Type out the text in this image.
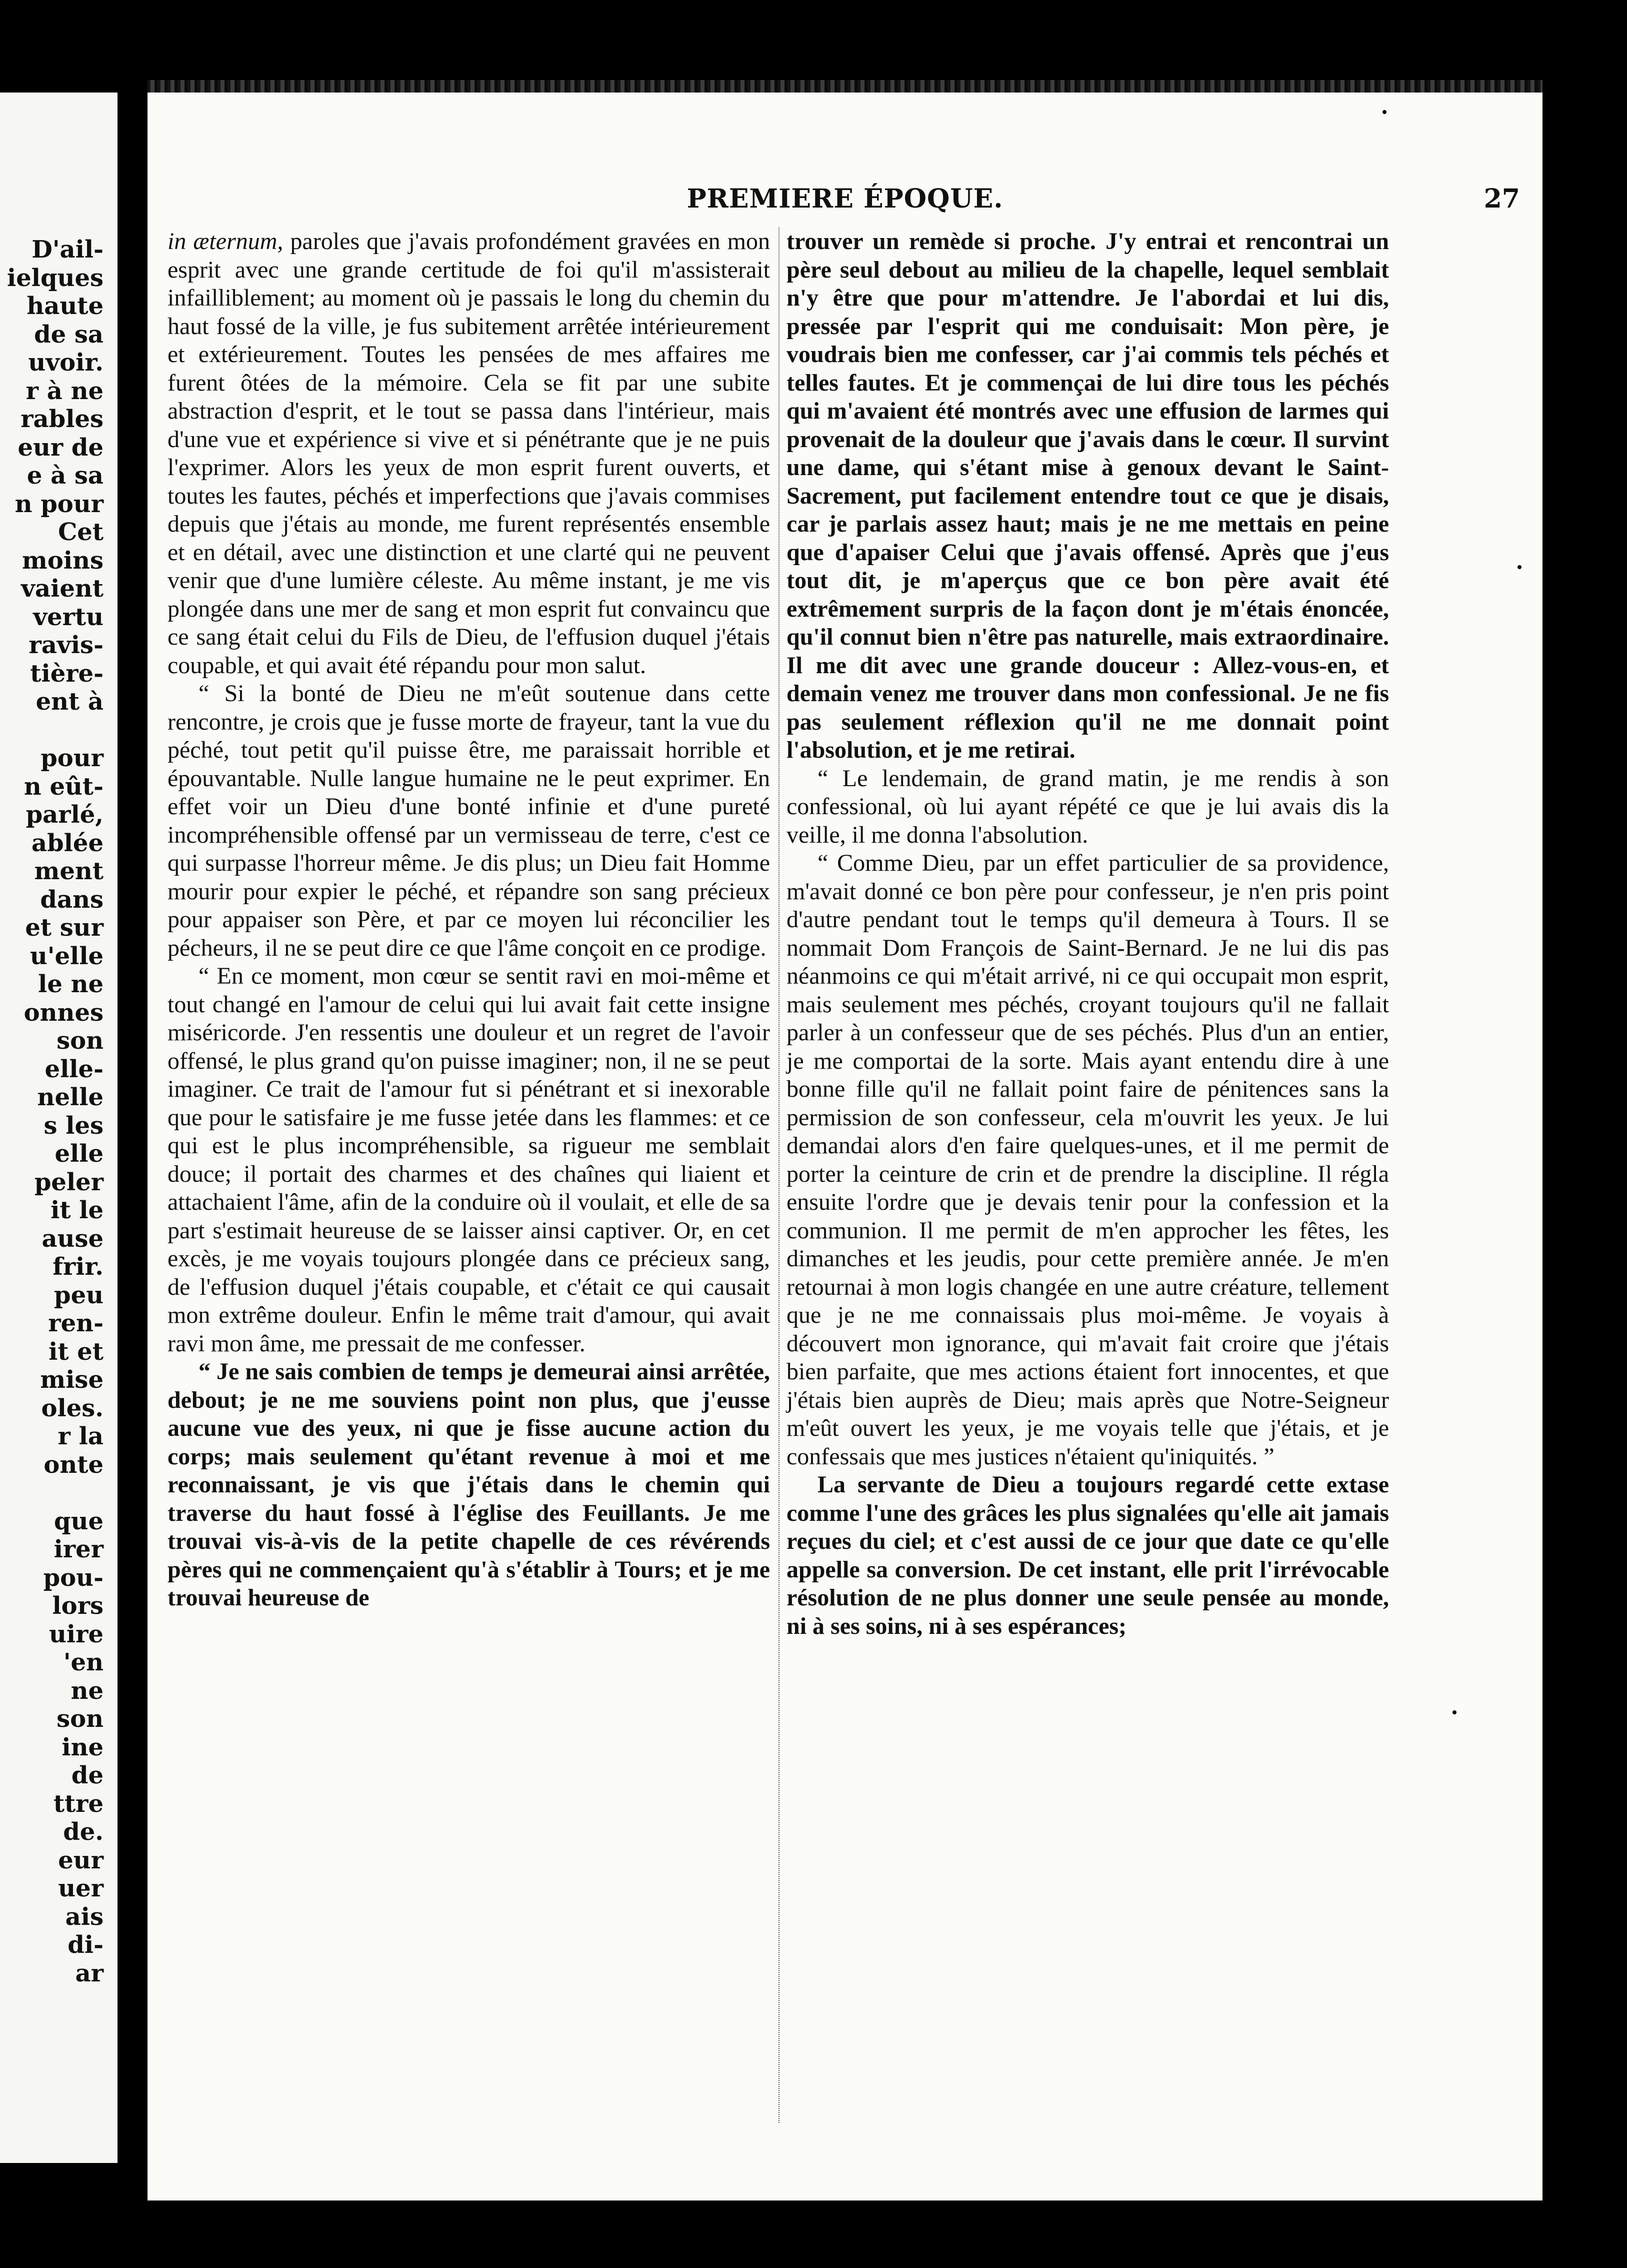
D'ail-
ielques
haute
de sa
uvoir.
r à ne
rables
eur de
e à sa
n pour
Cet
moins
vaient
vertu
ravis-
tière-
ent à
pour
n eût-
parlé,
ablée
ment
dans
et sur
u'elle
le ne
onnes
son
elle-
nelle
s les
elle
peler
it le
ause
frir.
peu
ren-
it et
mise
oles.
r la
onte
que
irer
pou-
lors
uire
'en
ne
son
ine
de
ttre
de.
eur
uer
ais
di-
ar
PREMIERE ÉPOQUE.	27

in æternum, paroles que j'avais profondément gravées en mon esprit avec une grande certitude de foi qu'il m'assisterait infailliblement; au moment où je passais le long du chemin du haut fossé de la ville, je fus subitement arrêtée intérieurement et extérieurement. Toutes les pensées de mes affaires me furent ôtées de la mémoire. Cela se fit par une subite abstraction d'esprit, et le tout se passa dans l'intérieur, mais d'une vue et expérience si vive et si pénétrante que je ne puis l'exprimer. Alors les yeux de mon esprit furent ouverts, et toutes les fautes, péchés et imperfections que j'avais commises depuis que j'étais au monde, me furent représentés ensemble et en détail, avec une distinction et une clarté qui ne peuvent venir que d'une lumière céleste. Au même instant, je me vis plongée dans une mer de sang et mon esprit fut convaincu que ce sang était celui du Fils de Dieu, de l'effusion duquel j'étais coupable, et qui avait été répandu pour mon salut.

“ Si la bonté de Dieu ne m'eût soutenue dans cette rencontre, je crois que je fusse morte de frayeur, tant la vue du péché, tout petit qu'il puisse être, me paraissait horrible et épouvantable. Nulle langue humaine ne le peut exprimer. En effet voir un Dieu d'une bonté infinie et d'une pureté incompréhensible offensé par un vermisseau de terre, c'est ce qui surpasse l'horreur même. Je dis plus; un Dieu fait Homme mourir pour expier le péché, et répandre son sang précieux pour appaiser son Père, et par ce moyen lui réconcilier les pécheurs, il ne se peut dire ce que l'âme conçoit en ce prodige.

“ En ce moment, mon cœur se sentit ravi en moi-même et tout changé en l'amour de celui qui lui avait fait cette insigne miséricorde. J'en ressentis une douleur et un regret de l'avoir offensé, le plus grand qu'on puisse imaginer; non, il ne se peut imaginer. Ce trait de l'amour fut si pénétrant et si inexorable que pour le satisfaire je me fusse jetée dans les flammes: et ce qui est le plus incompréhensible, sa rigueur me semblait douce; il portait des charmes et des chaînes qui liaient et attachaient l'âme, afin de la conduire où il voulait, et elle de sa part s'estimait heureuse de se laisser ainsi captiver. Or, en cet excès, je me voyais toujours plongée dans ce précieux sang, de l'effusion duquel j'étais coupable, et c'était ce qui causait mon extrême douleur. Enfin le même trait d'amour, qui avait ravi mon âme, me pressait de me confesser.

“ Je ne sais combien de temps je demeurai ainsi arrêtée, debout; je ne me souviens point non plus, que j'eusse aucune vue des yeux, ni que je fisse aucune action du corps; mais seulement qu'étant revenue à moi et me reconnaissant, je vis que j'étais dans le chemin qui traverse du haut fossé à l'église des Feuillants. Je me trouvai vis-à-vis de la petite chapelle de ces révérends pères qui ne commençaient qu'à s'établir à Tours; et je me trouvai heureuse de

trouver un remède si proche. J'y entrai et rencontrai un père seul debout au milieu de la chapelle, lequel semblait n'y être que pour m'attendre. Je l'abordai et lui dis, pressée par l'esprit qui me conduisait: Mon père, je voudrais bien me confesser, car j'ai commis tels péchés et telles fautes. Et je commençai de lui dire tous les péchés qui m'avaient été montrés avec une effusion de larmes qui provenait de la douleur que j'avais dans le cœur. Il survint une dame, qui s'étant mise à genoux devant le Saint-Sacrement, put facilement entendre tout ce que je disais, car je parlais assez haut; mais je ne me mettais en peine que d'apaiser Celui que j'avais offensé. Après que j'eus tout dit, je m'aperçus que ce bon père avait été extrêmement surpris de la façon dont je m'étais énoncée, qu'il connut bien n'être pas naturelle, mais extraordinaire. Il me dit avec une grande douceur : Allez-vous-en, et demain venez me trouver dans mon confessional. Je ne fis pas seulement réflexion qu'il ne me donnait point l'absolution, et je me retirai.

“ Le lendemain, de grand matin, je me rendis à son confessional, où lui ayant répété ce que je lui avais dis la veille, il me donna l'absolution.

“ Comme Dieu, par un effet particulier de sa providence, m'avait donné ce bon père pour confesseur, je n'en pris point d'autre pendant tout le temps qu'il demeura à Tours. Il se nommait Dom François de Saint-Bernard. Je ne lui dis pas néanmoins ce qui m'était arrivé, ni ce qui occupait mon esprit, mais seulement mes péchés, croyant toujours qu'il ne fallait parler à un confesseur que de ses péchés. Plus d'un an entier, je me comportai de la sorte. Mais ayant entendu dire à une bonne fille qu'il ne fallait point faire de pénitences sans la permission de son confesseur, cela m'ouvrit les yeux. Je lui demandai alors d'en faire quelques-unes, et il me permit de porter la ceinture de crin et de prendre la discipline. Il régla ensuite l'ordre que je devais tenir pour la confession et la communion. Il me permit de m'en approcher les fêtes, les dimanches et les jeudis, pour cette première année. Je m'en retournai à mon logis changée en une autre créature, tellement que je ne me connaissais plus moi-même. Je voyais à découvert mon ignorance, qui m'avait fait croire que j'étais bien parfaite, que mes actions étaient fort innocentes, et que j'étais bien auprès de Dieu; mais après que Notre-Seigneur m'eût ouvert les yeux, je me voyais telle que j'étais, et je confessais que mes justices n'étaient qu'iniquités. ”

La servante de Dieu a toujours regardé cette extase comme l'une des grâces les plus signalées qu'elle ait jamais reçues du ciel; et c'est aussi de ce jour que date ce qu'elle appelle sa conversion. De cet instant, elle prit l'irrévocable résolution de ne plus donner une seule pensée au monde, ni à ses soins, ni à ses espérances;
